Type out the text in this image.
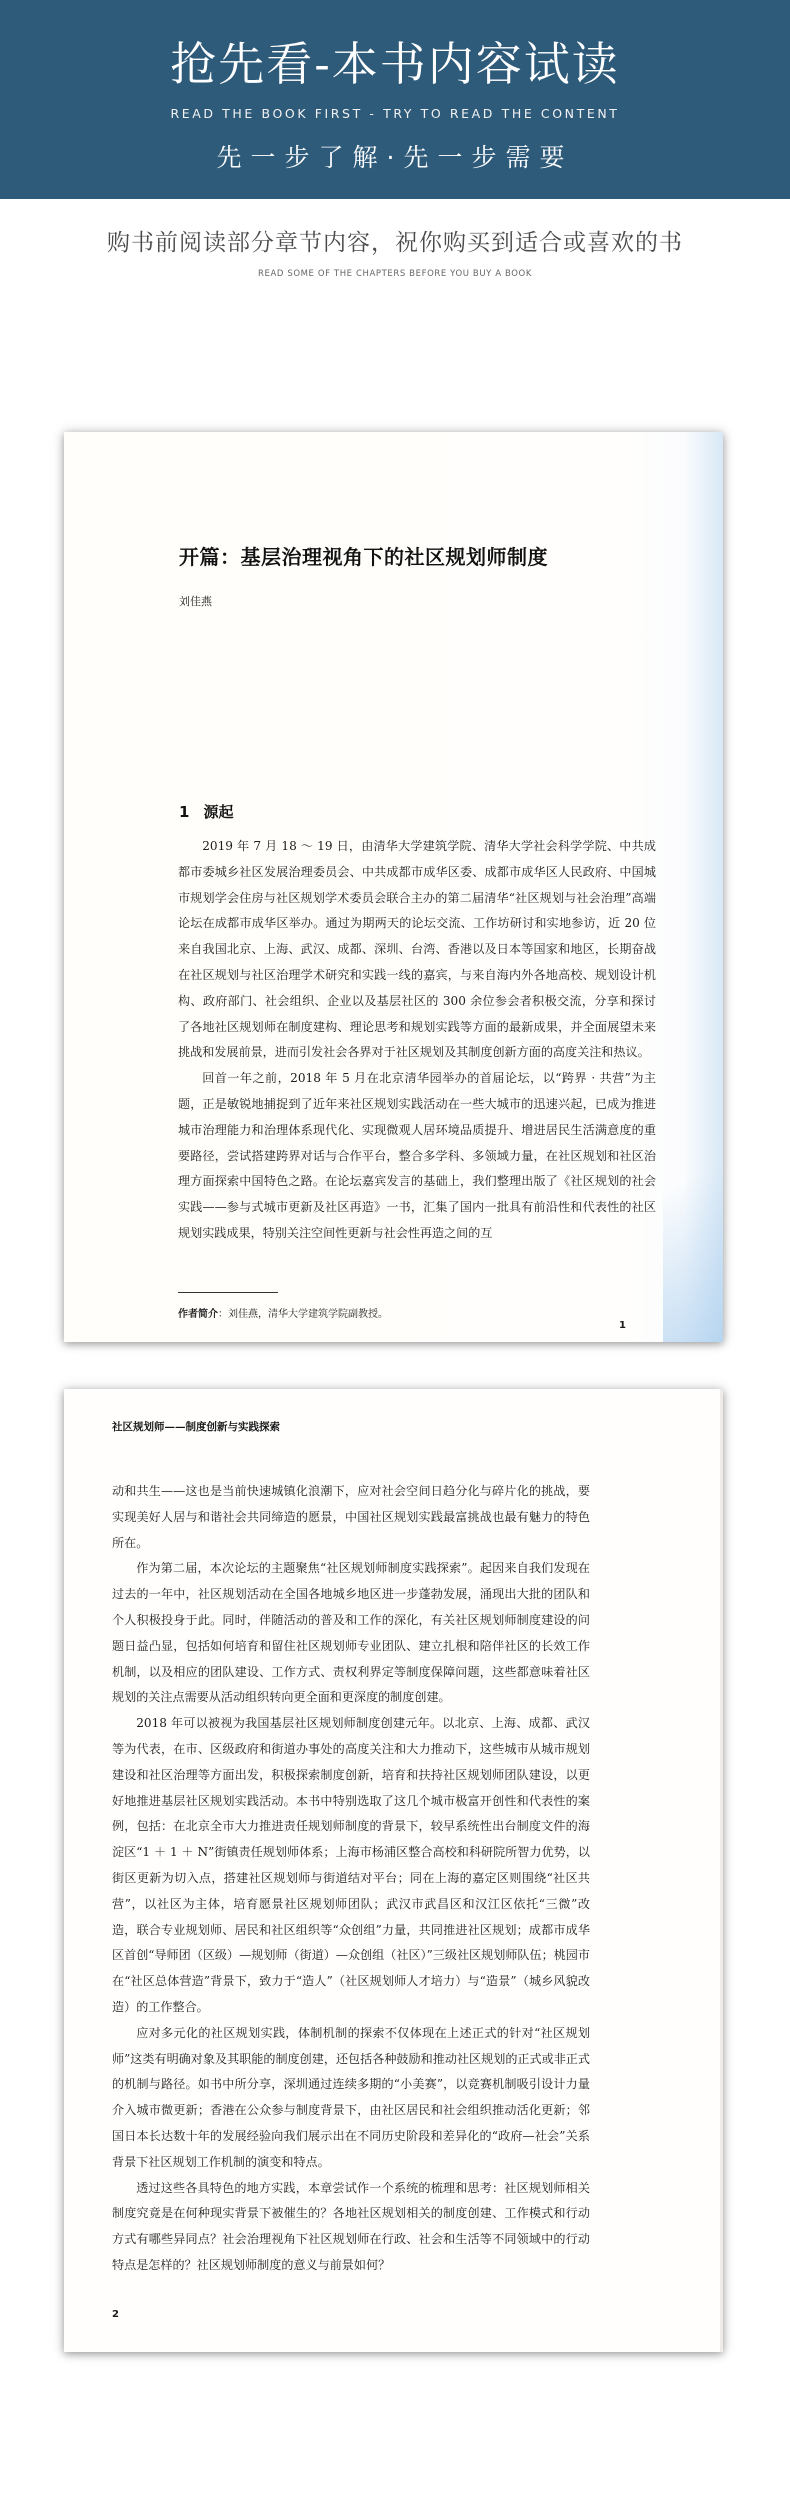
抢先看-本书内容试读
READ THE BOOK FIRST - TRY TO READ THE CONTENT
先一步了解·先一步需要
购书前阅读部分章节内容，祝你购买到适合或喜欢的书
READ SOME OF THE CHAPTERS BEFORE YOU BUY A BOOK
开篇：基层治理视角下的社区规划师制度
刘佳燕
1 源起

2019 年 7 月 18 ～ 19 日，由清华大学建筑学院、清华大学社会科学学院、中共成都市委城乡社区发展治理委员会、中共成都市成华区委、成都市成华区人民政府、中国城市规划学会住房与社区规划学术委员会联合主办的第二届清华“社区规划与社会治理”高端论坛在成都市成华区举办。通过为期两天的论坛交流、工作坊研讨和实地参访，近 20 位来自我国北京、上海、武汉、成都、深圳、台湾、香港以及日本等国家和地区，长期奋战在社区规划与社区治理学术研究和实践一线的嘉宾，与来自海内外各地高校、规划设计机构、政府部门、社会组织、企业以及基层社区的 300 余位参会者积极交流，分享和探讨了各地社区规划师在制度建构、理论思考和规划实践等方面的最新成果，并全面展望未来挑战和发展前景，进而引发社会各界对于社区规划及其制度创新方面的高度关注和热议。

回首一年之前，2018 年 5 月在北京清华园举办的首届论坛，以“跨界 · 共营”为主题，正是敏锐地捕捉到了近年来社区规划实践活动在一些大城市的迅速兴起，已成为推进城市治理能力和治理体系现代化、实现微观人居环境品质提升、增进居民生活满意度的重要路径，尝试搭建跨界对话与合作平台，整合多学科、多领域力量，在社区规划和社区治理方面探索中国特色之路。在论坛嘉宾发言的基础上，我们整理出版了《社区规划的社会实践——参与式城市更新及社区再造》一书，汇集了国内一批具有前沿性和代表性的社区规划实践成果，特别关注空间性更新与社会性再造之间的互

作者简介：刘佳燕，清华大学建筑学院副教授。
1
社区规划师——制度创新与实践探索

动和共生——这也是当前快速城镇化浪潮下，应对社会空间日趋分化与碎片化的挑战，要实现美好人居与和谐社会共同缔造的愿景，中国社区规划实践最富挑战也最有魅力的特色所在。

作为第二届，本次论坛的主题聚焦“社区规划师制度实践探索”。起因来自我们发现在过去的一年中，社区规划活动在全国各地城乡地区进一步蓬勃发展，涌现出大批的团队和个人积极投身于此。同时，伴随活动的普及和工作的深化，有关社区规划师制度建设的问题日益凸显，包括如何培育和留住社区规划师专业团队、建立扎根和陪伴社区的长效工作机制，以及相应的团队建设、工作方式、责权利界定等制度保障问题，这些都意味着社区规划的关注点需要从活动组织转向更全面和更深度的制度创建。

2018 年可以被视为我国基层社区规划师制度创建元年。以北京、上海、成都、武汉等为代表，在市、区级政府和街道办事处的高度关注和大力推动下，这些城市从城市规划建设和社区治理等方面出发，积极探索制度创新，培育和扶持社区规划师团队建设，以更好地推进基层社区规划实践活动。本书中特别选取了这几个城市极富开创性和代表性的案例，包括：在北京全市大力推进责任规划师制度的背景下，较早系统性出台制度文件的海淀区“1 ＋ 1 ＋ N”街镇责任规划师体系；上海市杨浦区整合高校和科研院所智力优势，以街区更新为切入点，搭建社区规划师与街道结对平台；同在上海的嘉定区则围绕“社区共营”，以社区为主体，培育愿景社区规划师团队；武汉市武昌区和汉江区依托“三微”改造，联合专业规划师、居民和社区组织等“众创组”力量，共同推进社区规划；成都市成华区首创“导师团（区级）—规划师（街道）—众创组（社区）”三级社区规划师队伍；桃园市在“社区总体营造”背景下，致力于“造人”（社区规划师人才培力）与“造景”（城乡风貌改造）的工作整合。

应对多元化的社区规划实践，体制机制的探索不仅体现在上述正式的针对“社区规划师”这类有明确对象及其职能的制度创建，还包括各种鼓励和推动社区规划的正式或非正式的机制与路径。如书中所分享，深圳通过连续多期的“小美赛”，以竞赛机制吸引设计力量介入城市微更新；香港在公众参与制度背景下，由社区居民和社会组织推动活化更新；邻国日本长达数十年的发展经验向我们展示出在不同历史阶段和差异化的“政府—社会”关系背景下社区规划工作机制的演变和特点。

透过这些各具特色的地方实践，本章尝试作一个系统的梳理和思考：社区规划师相关制度究竟是在何种现实背景下被催生的？各地社区规划相关的制度创建、工作模式和行动方式有哪些异同点？社会治理视角下社区规划师在行政、社会和生活等不同领域中的行动特点是怎样的？社区规划师制度的意义与前景如何？

2
